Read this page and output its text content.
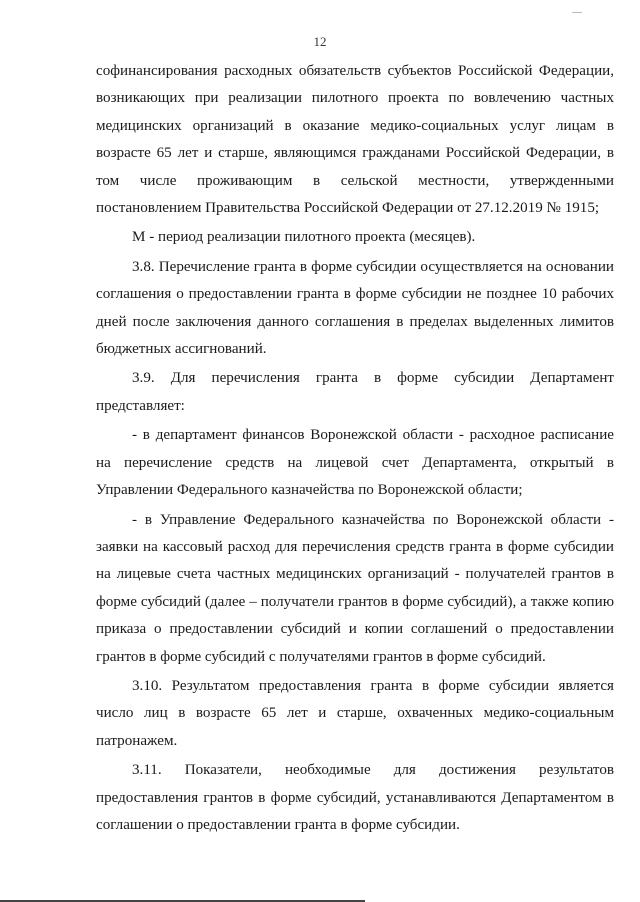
12

софинансирования расходных обязательств субъектов Российской Федерации, возникающих при реализации пилотного проекта по вовлечению частных медицинских организаций в оказание медико-социальных услуг лицам в возрасте 65 лет и старше, являющимся гражданами Российской Федерации, в том числе проживающим в сельской местности, утвержденными постановлением Правительства Российской Федерации от 27.12.2019 № 1915;

М - период реализации пилотного проекта (месяцев).

3.8. Перечисление гранта в форме субсидии осуществляется на основании соглашения о предоставлении гранта в форме субсидии не позднее 10 рабочих дней после заключения данного соглашения в пределах выделенных лимитов бюджетных ассигнований.

3.9. Для перечисления гранта в форме субсидии Департамент представляет:

- в департамент финансов Воронежской области - расходное расписание на перечисление средств на лицевой счет Департамента, открытый в Управлении Федерального казначейства по Воронежской области;

- в Управление Федерального казначейства по Воронежской области - заявки на кассовый расход для перечисления средств гранта в форме субсидии на лицевые счета частных медицинских организаций - получателей грантов в форме субсидий (далее – получатели грантов в форме субсидий), а также копию приказа о предоставлении субсидий и копии соглашений о предоставлении грантов в форме субсидий с получателями грантов в форме субсидий.

3.10. Результатом предоставления гранта в форме субсидии является число лиц в возрасте 65 лет и старше, охваченных медико-социальным патронажем.

3.11. Показатели, необходимые для достижения результатов предоставления грантов в форме субсидий, устанавливаются Департаментом в соглашении о предоставлении гранта в форме субсидии.
